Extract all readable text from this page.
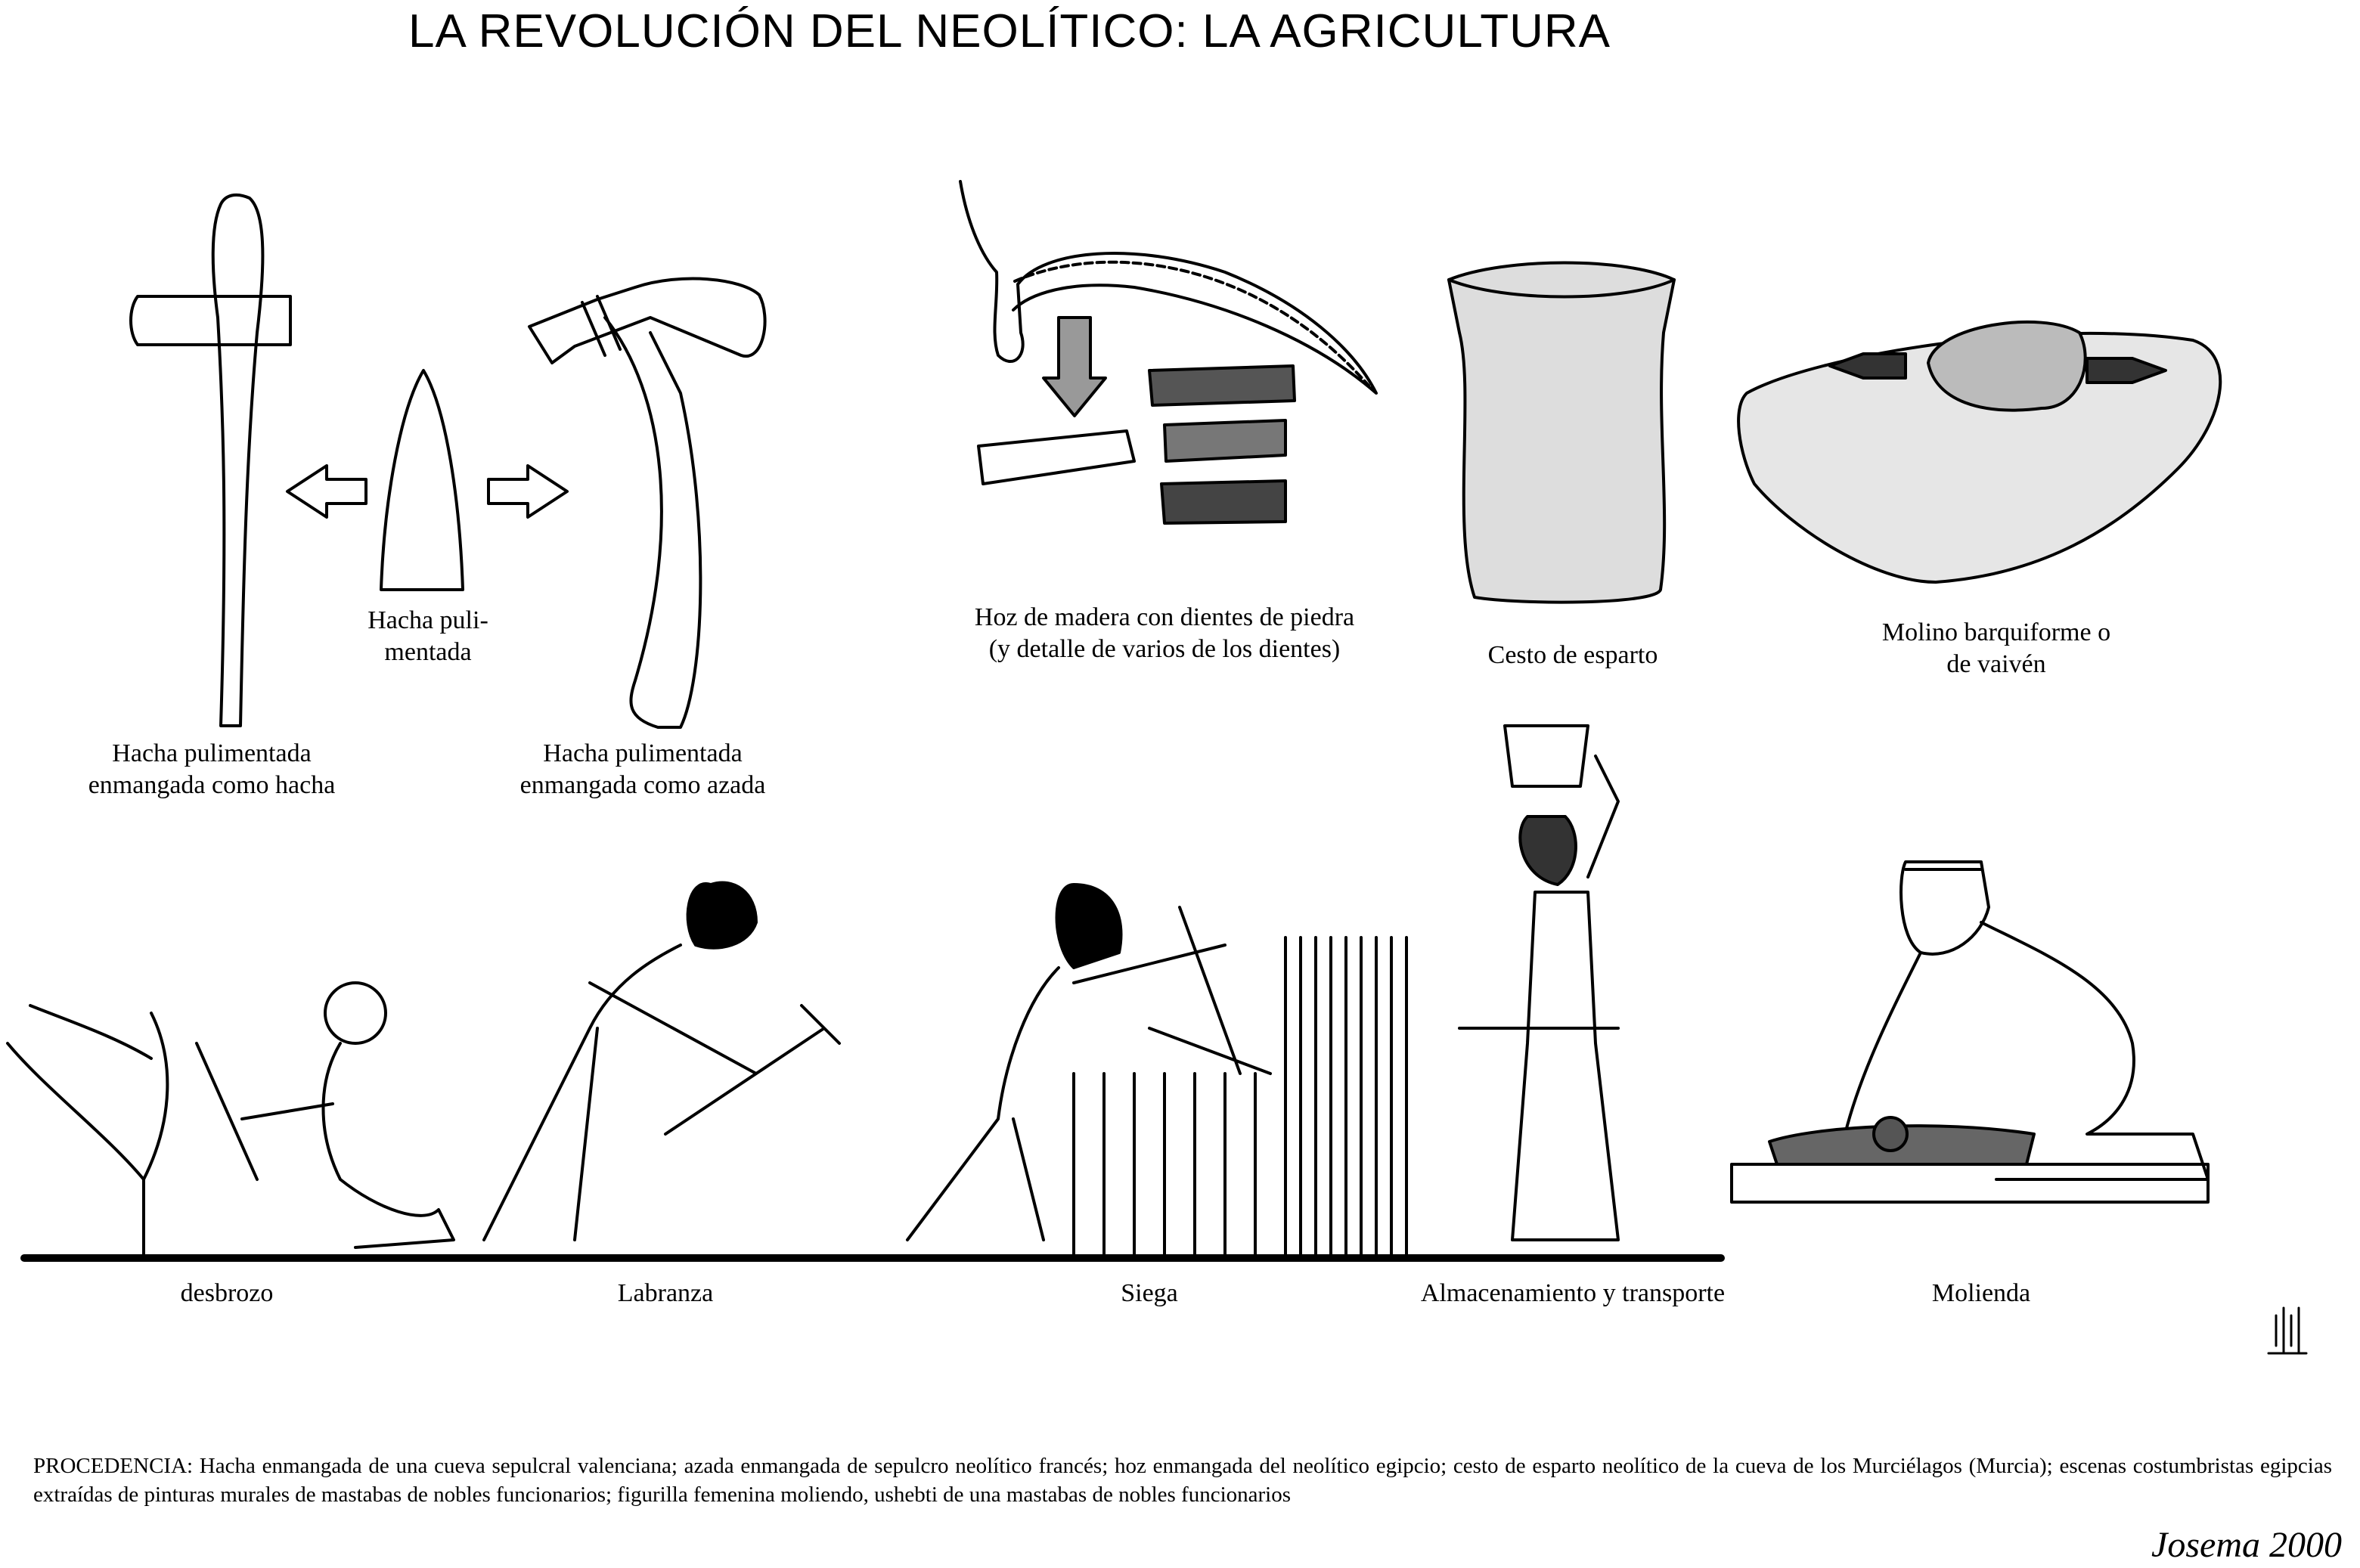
LA REVOLUCIÓN DEL NEOLÍTICO: LA AGRICULTURA
Hacha puli-
mentada
Hacha pulimentada
enmangada como hacha
Hacha pulimentada
enmangada como azada
Hoz de madera con dientes de piedra
(y detalle de varios de los dientes)	Cesto de esparto
Molino barquiforme o
de vaivén
desbrozo	Labranza	Siega	Almacenamiento y transporte	Molienda
PROCEDENCIA: Hacha enmangada de una cueva sepulcral valenciana; azada enmangada de sepulcro neolítico francés; hoz enmangada del neolítico egipcio; cesto de esparto neolítico de la cueva de los Murciélagos (Murcia); escenas costumbristas egipcias extraídas de pinturas murales de mastabas de nobles funcionarios; figurilla femenina moliendo, ushebti de una mastabas de nobles funcionarios
Josema 2000
